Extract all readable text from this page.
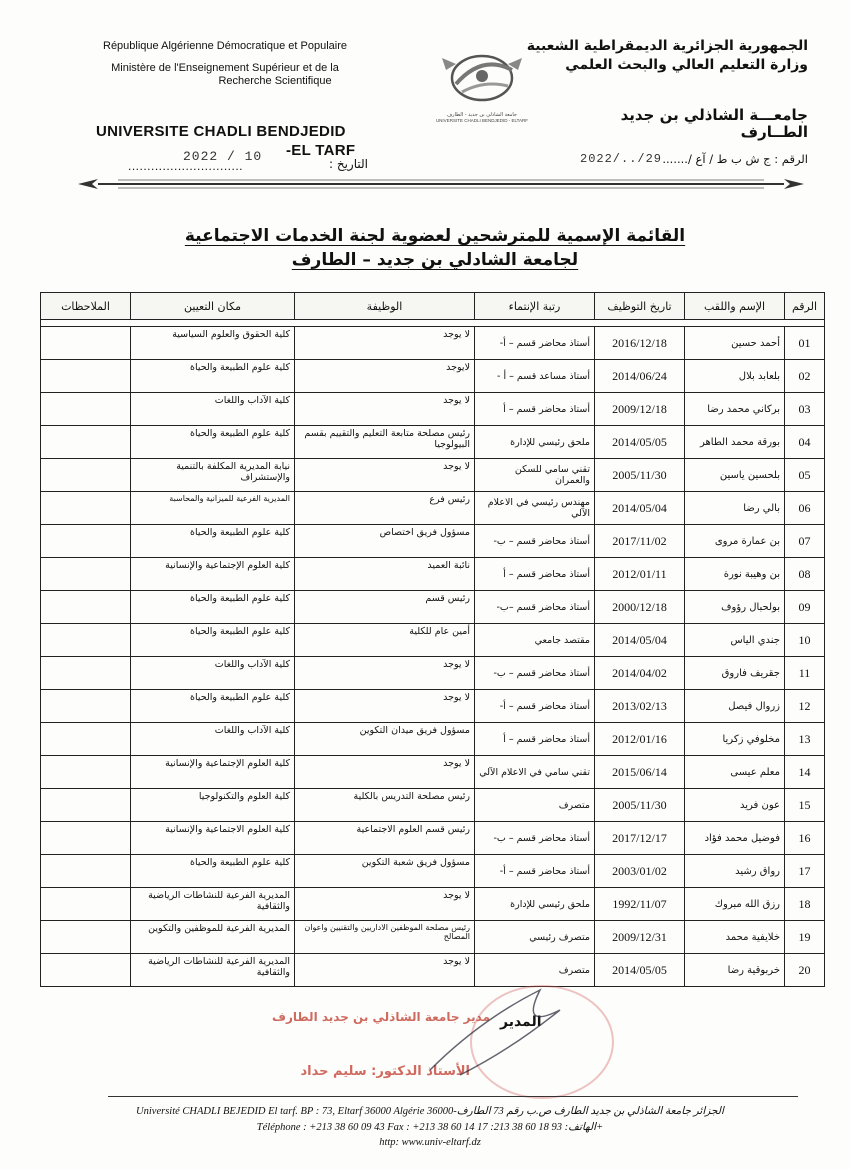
République Algérienne Démocratique et Populaire
Ministère de l'Enseignement Supérieur et de la
Recherche Scientifique
الجمهورية الجزائرية الديمقراطية الشعبية
وزارة التعليم العالي والبحث العلمي
جامعة الشاذلي بن جديد - الطارف
UNIVERSITE CHADLI BENDJEDID - ELTARF	جامعـــة الشاذلي بن جديد الطــارف
UNIVERSITE CHADLI BENDJEDID
-EL TARF
2022 / 10
..............................	التاريخ :	الرقم : ج ش ب ط / آع /.......
2022/../29
القائمة الإسمية للمترشحين لعضوية لجنة الخدمات الاجتماعية
لجامعة الشادلي بن جديد – الطارف
الرقم	الإسم واللقب	تاريخ التوظيف	رتبة الإنتماء	الوظيفة	مكان التعيين	الملاحظات

01	أحمد حسين	2016/12/18	أستاذ محاضر قسم – أ-	لا يوجد	كلية الحقوق والعلوم السياسية	
02	بلعابد بلال	2014/06/24	أستاذ مساعد قسم – أ -	لايوجد	كلية علوم الطبيعة والحياة	
03	بركاني محمد رضا	2009/12/18	أستاذ محاضر قسم – أ	لا يوجد	كلية الآداب واللغات	
04	بورقة محمد الطاهر	2014/05/05	ملحق رئيسي للإدارة	رئيس مصلحة متابعة التعليم والتقييم بقسم البيولوجيا	كلية علوم الطبيعة والحياة	
05	بلحسين ياسين	2005/11/30	تقني سامي للسكن والعمران	لا يوجد	نيابة المديرية المكلفة بالتنمية والإستشراف	
06	بالي رضا	2014/05/04	مهندس رئيسي في الاعلام الآلي	رئيس فرع	المديرية الفرعية للميزانية والمحاسبة	
07	بن عمارة مروى	2017/11/02	أستاذ محاضر قسم – ب-	مسؤول فريق اختصاص	كلية علوم الطبيعة والحياة	
08	بن وهيبة نورة	2012/01/11	أستاذ محاضر قسم – أ	نائبة العميد	كلية العلوم الإجتماعية والإنسانية	
09	بولحبال رؤوف	2000/12/18	أستاذ محاضر قسم –ب-	رئيس قسم	كلية علوم الطبيعة والحياة	
10	جندي الياس	2014/05/04	مقتصد جامعي	أمين عام للكلية	كلية علوم الطبيعة والحياة	
11	جقريف فاروق	2014/04/02	أستاذ محاضر قسم – ب-	لا يوجد	كلية الآداب واللغات	
12	زروال فيصل	2013/02/13	أستاذ محاضر قسم – أ-	لا يوجد	كلية علوم الطبيعة والحياة	
13	مخلوفي زكريا	2012/01/16	أستاذ محاضر قسم – أ	مسؤول فريق ميدان التكوين	كلية الآداب واللغات	
14	معلم عيسى	2015/06/14	تقني سامي في الاعلام الآلي	لا يوجد	كلية العلوم الإجتماعية والإنسانية	
15	عون فريد	2005/11/30	متصرف	رئيس مصلحة التدريس بالكلية	كلية العلوم والتكنولوجيا	
16	فوضيل محمد فؤاد	2017/12/17	أستاذ محاضر قسم – ب-	رئيس قسم العلوم الاجتماعية	كلية العلوم الاجتماعية والإنسانية	
17	رواق رشيد	2003/01/02	أستاذ محاضر قسم – أ-	مسؤول فريق شعبة التكوين	كلية علوم الطبيعة والحياة	
18	رزق الله مبروك	1992/11/07	ملحق رئيسي للإدارة	لا يوجد	المديرية الفرعية للنشاطات الرياضية والثقافية	
19	خلايفية محمد	2009/12/31	متصرف رئيسي	رئيس مصلحة الموظفين الاداريين والتقنيين واعوان المصالح	المديرية الفرعية للموظفين والتكوين	
20	خربوقية رضا	2014/05/05	متصرف	لا يوجد	المديرية الفرعية للنشاطات الرياضية والثقافية	
المدير
مدير جامعة الشاذلي بن جديد الطارف
الأستاذ الدكتور: سليم حداد
Université CHADLI BEJEDID El tarf. BP : 73, Eltarf 36000 Algérie 36000-الجزائر جامعة الشاذلي بن جديد الطارف ص.ب رقم 73 الطارف
Téléphone : +213 38 60 09 43 Fax : +213 38 60 14 17 :الهاتف: 93 18 60 38 213+
http: www.univ-eltarf.dz
